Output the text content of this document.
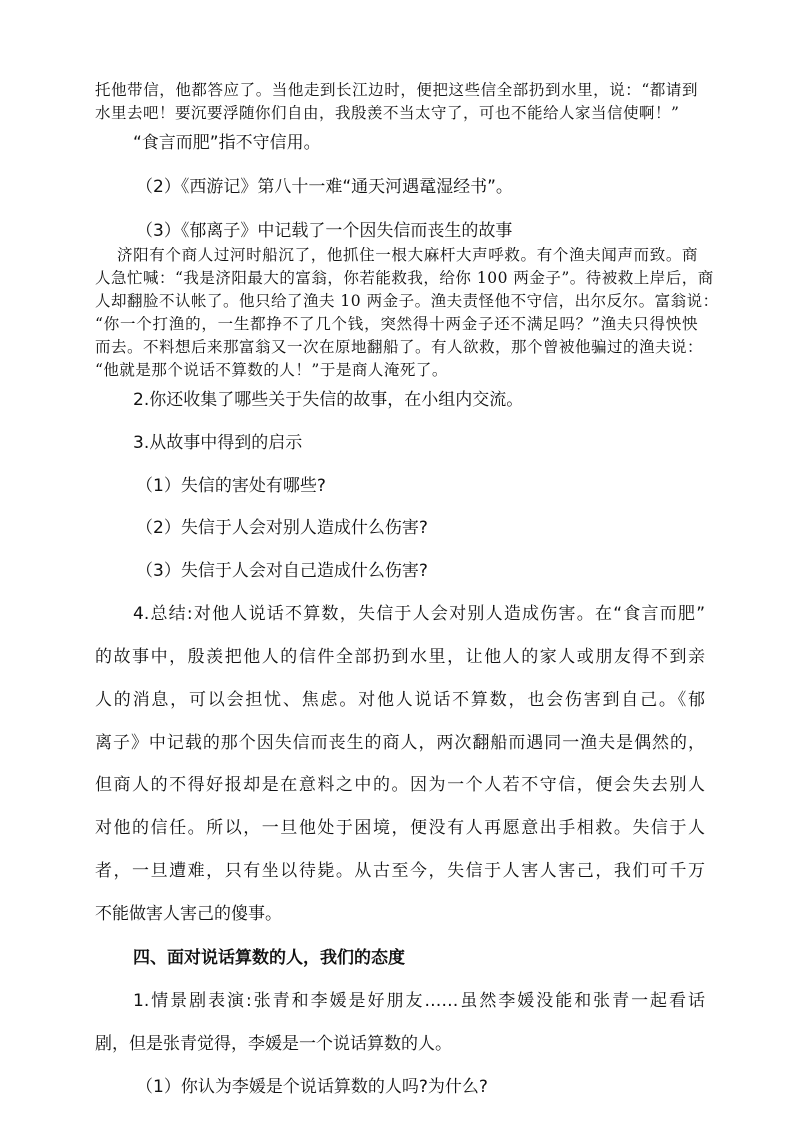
托他带信，他都答应了。当他走到长江边时，便把这些信全部扔到水里，说：“都请到
水里去吧！要沉要浮随你们自由，我殷羡不当太守了，可也不能给人家当信使啊！”
“食言而肥”指不守信用。
（2）《西游记》第八十一难“通天河遇鼋湿经书”。
（3）《郁离子》中记载了一个因失信而丧生的故事
济阳有个商人过河时船沉了，他抓住一根大麻杆大声呼救。有个渔夫闻声而致。商
人急忙喊：“我是济阳最大的富翁，你若能救我，给你 100 两金子”。待被救上岸后，商
人却翻脸不认帐了。他只给了渔夫 10 两金子。渔夫责怪他不守信，出尔反尔。富翁说：
“你一个打渔的，一生都挣不了几个钱，突然得十两金子还不满足吗？”渔夫只得怏怏
而去。不料想后来那富翁又一次在原地翻船了。有人欲救，那个曾被他骗过的渔夫说：
“他就是那个说话不算数的人！”于是商人淹死了。
2.你还收集了哪些关于失信的故事，在小组内交流。
3.从故事中得到的启示
（1）失信的害处有哪些?
（2）失信于人会对别人造成什么伤害?
（3）失信于人会对自己造成什么伤害?
4.总结:对他人说话不算数，失信于人会对别人造成伤害。在“食言而肥”
的故事中，殷羡把他人的信件全部扔到水里，让他人的家人或朋友得不到亲
人的消息，可以会担忧、焦虑。对他人说话不算数，也会伤害到自己。《郁
离子》中记载的那个因失信而丧生的商人，两次翻船而遇同一渔夫是偶然的，
但商人的不得好报却是在意料之中的。因为一个人若不守信，便会失去别人
对他的信任。所以，一旦他处于困境，便没有人再愿意出手相救。失信于人
者，一旦遭难，只有坐以待毙。从古至今，失信于人害人害己，我们可千万
不能做害人害己的傻事。
四、面对说话算数的人，我们的态度
1.情景剧表演:张青和李媛是好朋友……虽然李媛没能和张青一起看话
剧，但是张青觉得，李媛是一个说话算数的人。
（1）你认为李媛是个说话算数的人吗?为什么?
